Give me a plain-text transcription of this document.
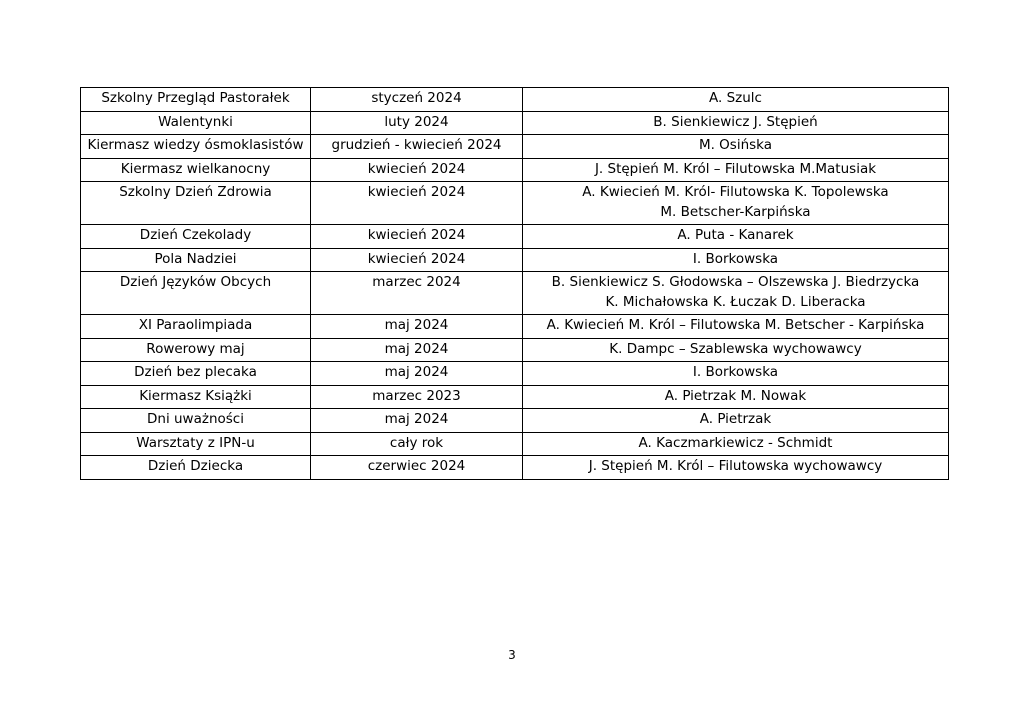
Szkolny Przegląd Pastorałek	styczeń 2024	A. Szulc

Walentynki	luty 2024	B. Sienkiewicz J. Stępień

Kiermasz wiedzy ósmoklasistów	grudzień - kwiecień 2024	M. Osińska

Kiermasz wielkanocny	kwiecień 2024	J. Stępień M. Król – Filutowska M.Matusiak

Szkolny Dzień Zdrowia	kwiecień 2024	A. Kwiecień M. Król- Filutowska K. Topolewska
M. Betscher-Karpińska

Dzień Czekolady	kwiecień 2024	A. Puta - Kanarek

Pola Nadziei	kwiecień 2024	I. Borkowska

Dzień Języków Obcych	marzec 2024	B. Sienkiewicz S. Głodowska – Olszewska J. Biedrzycka
K. Michałowska K. Łuczak D. Liberacka

XI Paraolimpiada	maj 2024	A. Kwiecień M. Król – Filutowska M. Betscher - Karpińska

Rowerowy maj	maj 2024	K. Dampc – Szablewska wychowawcy

Dzień bez plecaka	maj 2024	I. Borkowska

Kiermasz Książki	marzec 2023	A. Pietrzak M. Nowak

Dni uważności	maj 2024	A. Pietrzak

Warsztaty z IPN-u	cały rok	A. Kaczmarkiewicz - Schmidt

Dzień Dziecka	czerwiec 2024	J. Stępień M. Król – Filutowska wychowawcy
3
